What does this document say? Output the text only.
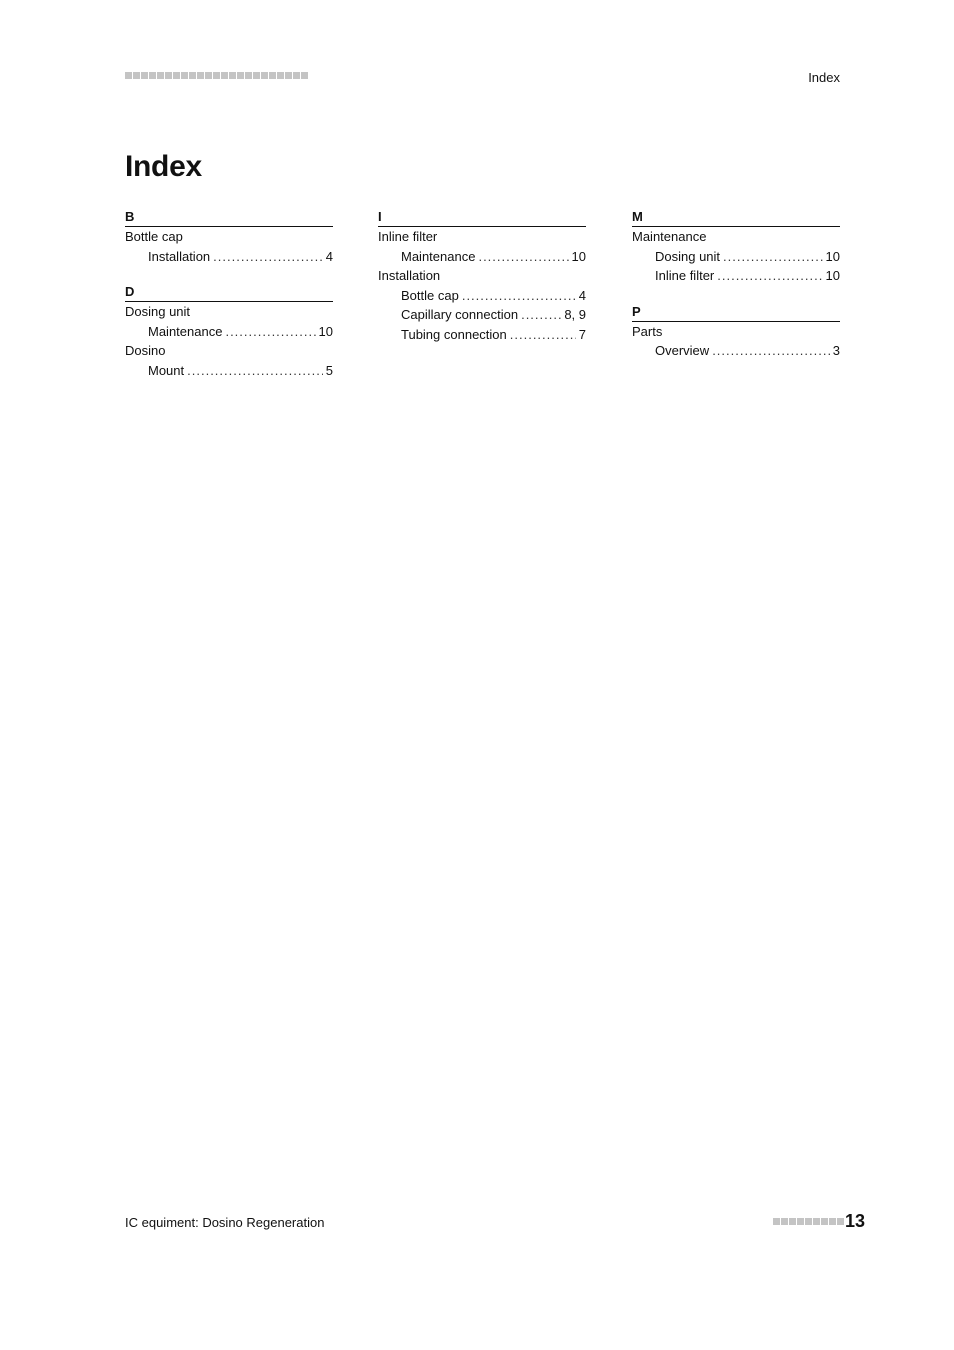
Index
Index
B
Bottle cap
Installation .....	4
D
Dosing unit
Maintenance .....	10
Dosino
Mount .....	5
I
Inline filter
Maintenance .....	10
Installation
Bottle cap .....	4
Capillary connection .....	8, 9
Tubing connection .....	7
M
Maintenance
Dosing unit .....	10
Inline filter .....	10
P
Parts
Overview .....	3
IC equiment: Dosino Regeneration	13
